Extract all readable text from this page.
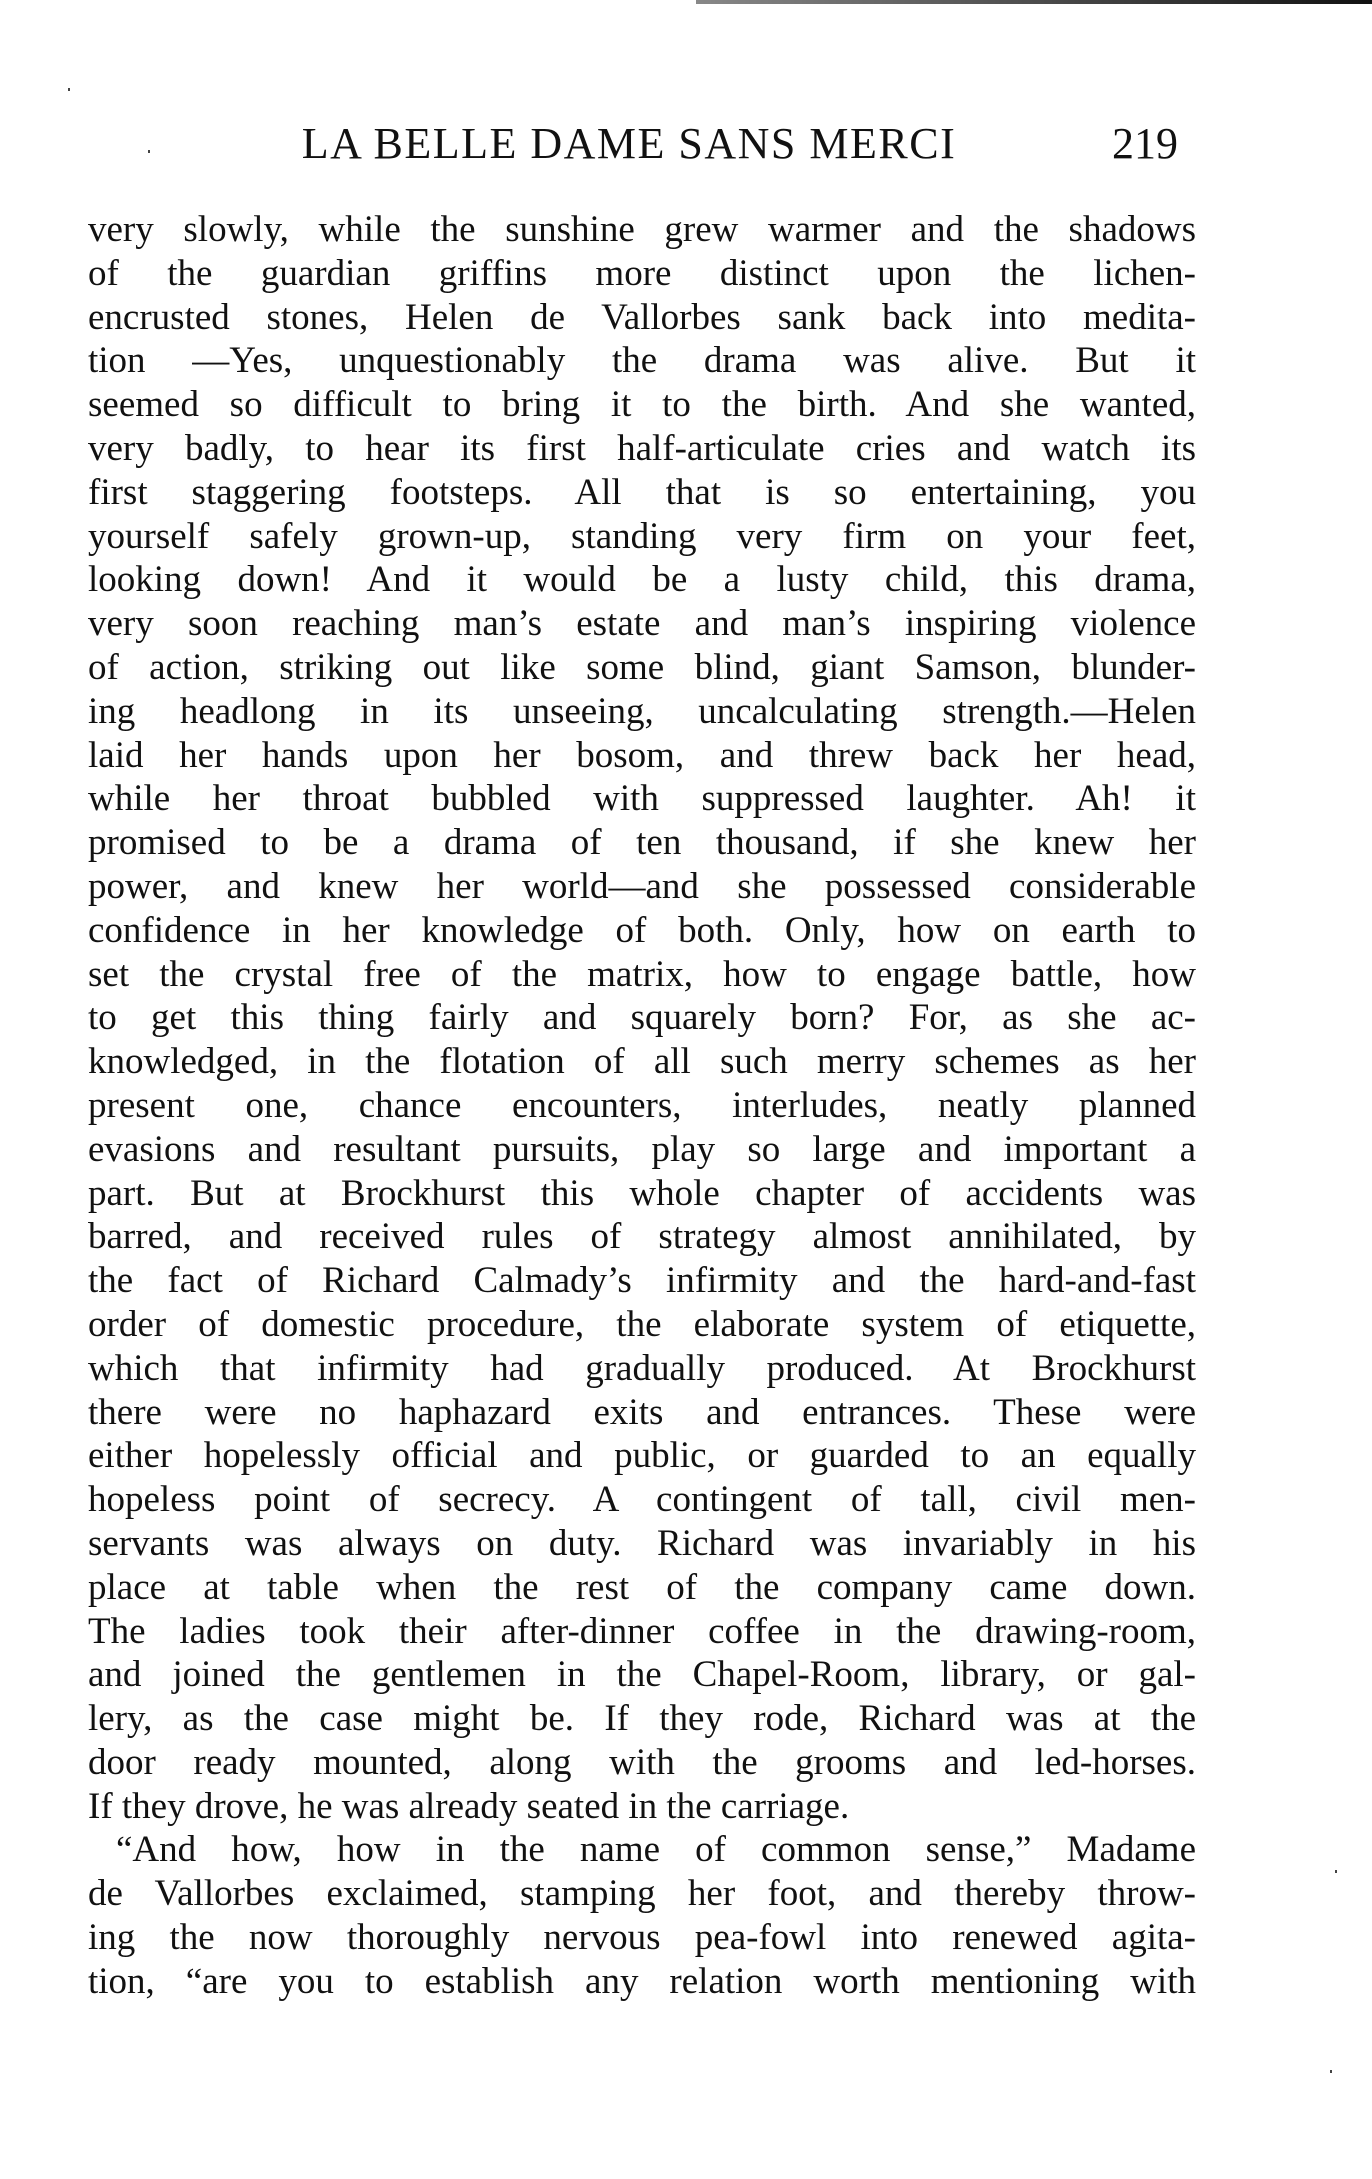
LA BELLE DAME SANS MERCI	219
very slowly, while the sunshine grew warmer and the shadows
of the guardian griffins more distinct upon the lichen-
encrusted stones, Helen de Vallorbes sank back into medita-
tion —Yes, unquestionably the drama was alive. But it
seemed so difficult to bring it to the birth. And she wanted,
very badly, to hear its first half-articulate cries and watch its
first staggering footsteps. All that is so entertaining, you
yourself safely grown-up, standing very firm on your feet,
looking down! And it would be a lusty child, this drama,
very soon reaching man’s estate and man’s inspiring violence
of action, striking out like some blind, giant Samson, blunder-
ing headlong in its unseeing, uncalculating strength.—Helen
laid her hands upon her bosom, and threw back her head,
while her throat bubbled with suppressed laughter. Ah! it
promised to be a drama of ten thousand, if she knew her
power, and knew her world—and she possessed considerable
confidence in her knowledge of both. Only, how on earth to
set the crystal free of the matrix, how to engage battle, how
to get this thing fairly and squarely born? For, as she ac-
knowledged, in the flotation of all such merry schemes as her
present one, chance encounters, interludes, neatly planned
evasions and resultant pursuits, play so large and important a
part. But at Brockhurst this whole chapter of accidents was
barred, and received rules of strategy almost annihilated, by
the fact of Richard Calmady’s infirmity and the hard-and-fast
order of domestic procedure, the elaborate system of etiquette,
which that infirmity had gradually produced. At Brockhurst
there were no haphazard exits and entrances. These were
either hopelessly official and public, or guarded to an equally
hopeless point of secrecy. A contingent of tall, civil men-
servants was always on duty. Richard was invariably in his
place at table when the rest of the company came down.
The ladies took their after-dinner coffee in the drawing-room,
and joined the gentlemen in the Chapel-Room, library, or gal-
lery, as the case might be. If they rode, Richard was at the
door ready mounted, along with the grooms and led-horses.
If they drove, he was already seated in the carriage.
“And how, how in the name of common sense,” Madame
de Vallorbes exclaimed, stamping her foot, and thereby throw-
ing the now thoroughly nervous pea-fowl into renewed agita-
tion, “are you to establish any relation worth mentioning with
